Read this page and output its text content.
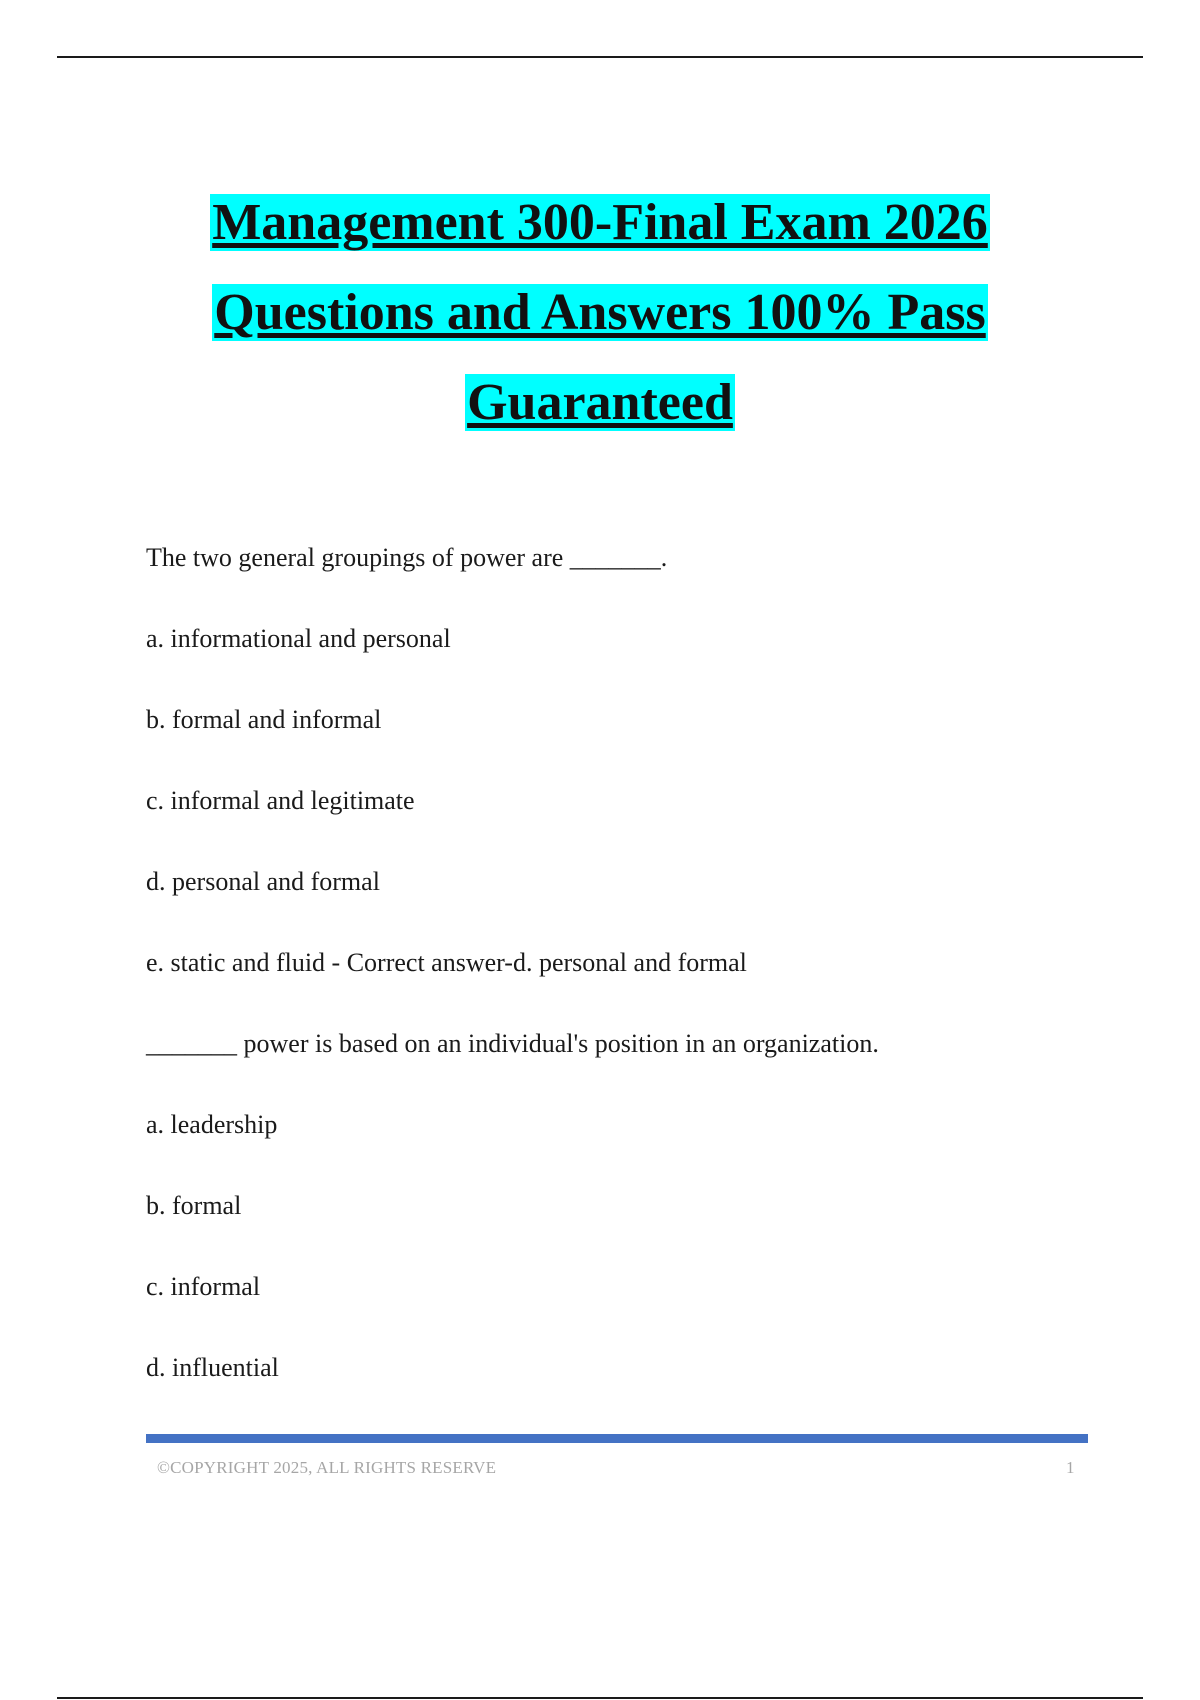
Management 300-Final Exam 2026
Questions and Answers 100% Pass
Guaranteed
The two general groupings of power are _______.
a. informational and personal
b. formal and informal
c. informal and legitimate
d. personal and formal
e. static and fluid - Correct answer-d. personal and formal
_______ power is based on an individual's position in an organization.
a. leadership
b. formal
c. informal
d. influential
©COPYRIGHT 2025, ALL RIGHTS RESERVE	1
